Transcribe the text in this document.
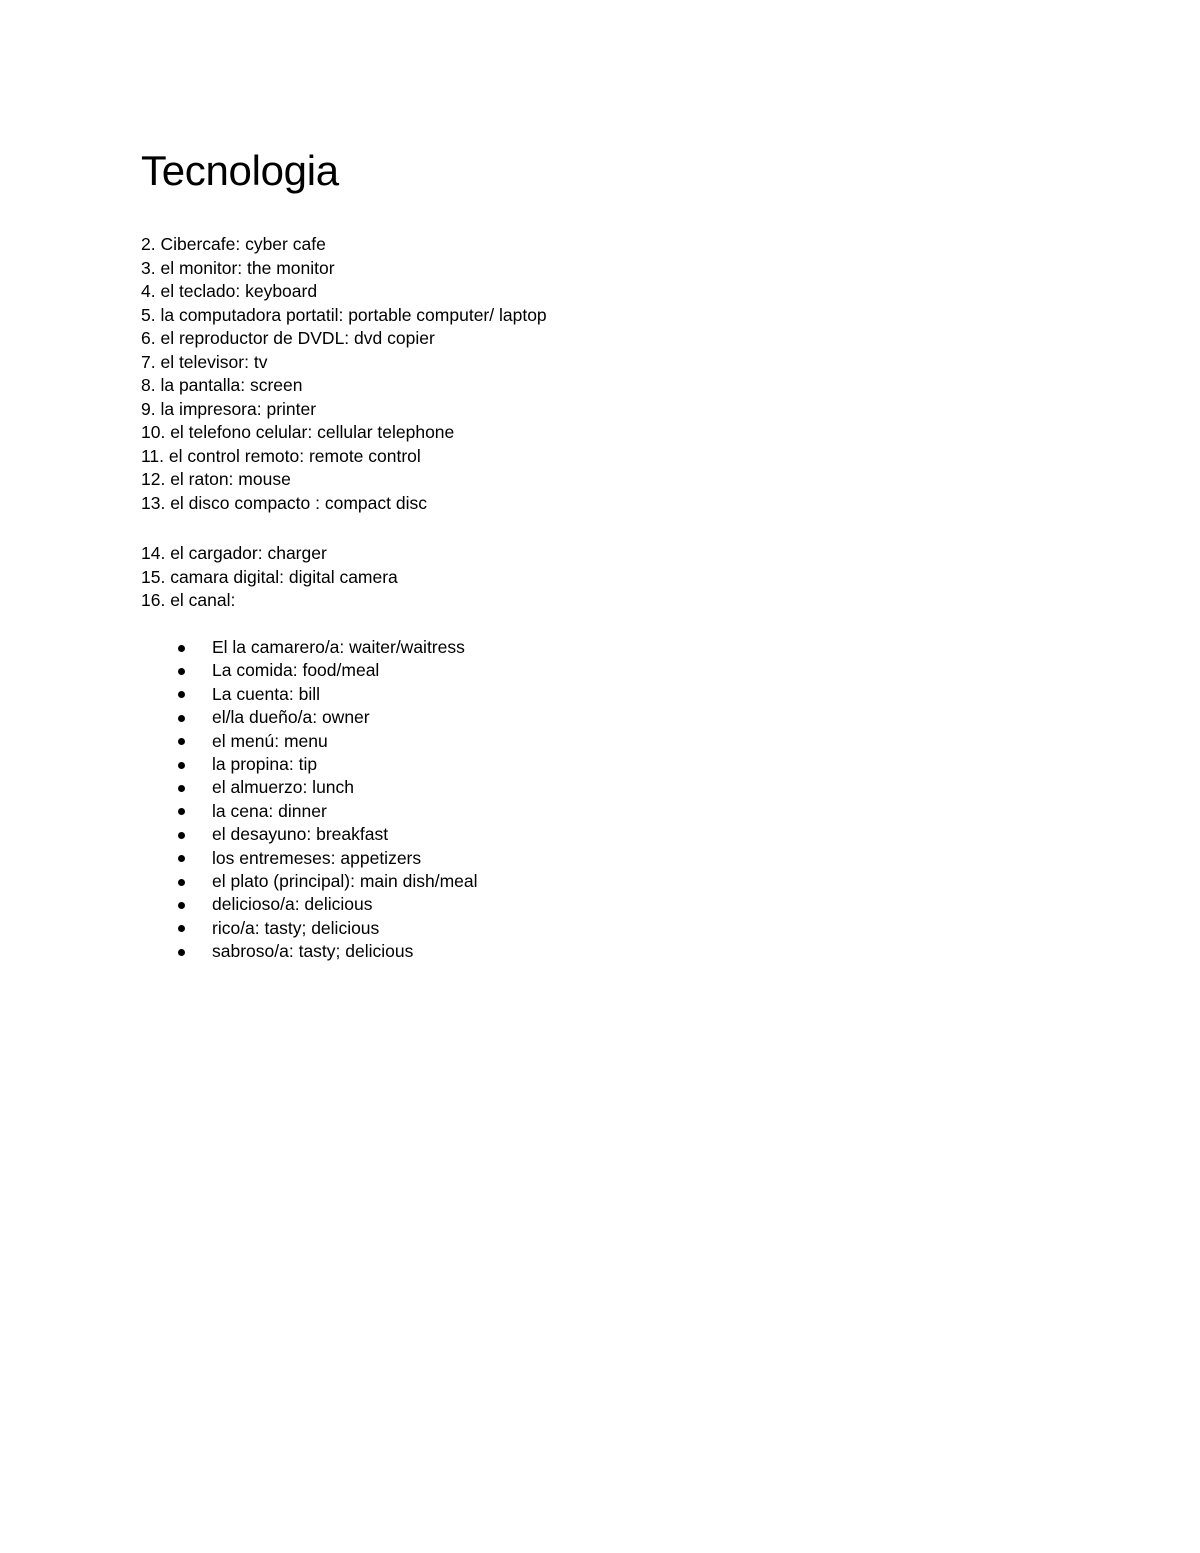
Tecnologia
2. Cibercafe: cyber cafe
3. el monitor: the monitor
4. el teclado: keyboard
5. la computadora portatil: portable computer/ laptop
6. el reproductor de DVDL: dvd copier
7. el televisor: tv
8. la pantalla: screen
9. la impresora: printer
10. el telefono celular: cellular telephone
11. el control remoto: remote control
12. el raton: mouse
13. el disco compacto : compact disc
14. el cargador: charger
15. camara digital: digital camera
16. el canal:
El la camarero/a: waiter/waitress
La comida: food/meal
La cuenta: bill
el/la dueño/a: owner
el menú: menu
la propina: tip
el almuerzo: lunch
la cena: dinner
el desayuno: breakfast
los entremeses: appetizers
el plato (principal): main dish/meal
delicioso/a: delicious
rico/a: tasty; delicious
sabroso/a: tasty; delicious
